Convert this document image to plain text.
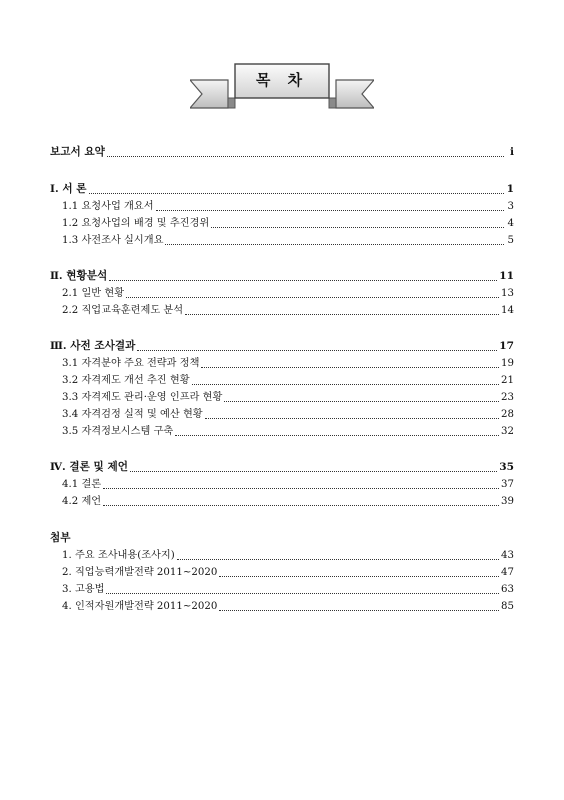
목 차
보고서 요약	i
Ⅰ. 서 론	1
1.1 요청사업 개요서	3
1.2 요청사업의 배경 및 추진경위	4
1.3 사전조사 실시개요	5
Ⅱ. 현황분석	11
2.1 일반 현황	13
2.2 직업교육훈련제도 분석	14
Ⅲ. 사전 조사결과	17
3.1 자격분야 주요 전략과 정책	19
3.2 자격제도 개선 추진 현황	21
3.3 자격제도 관리·운영 인프라 현황	23
3.4 자격검정 실적 및 예산 현황	28
3.5 자격정보시스템 구축	32
Ⅳ. 결론 및 제언	35
4.1 결론	37
4.2 제언	39
첨부
1. 주요 조사내용(조사지)	43
2. 직업능력개발전략 2011~2020	47
3. 고용법	63
4. 인적자원개발전략 2011~2020	85
